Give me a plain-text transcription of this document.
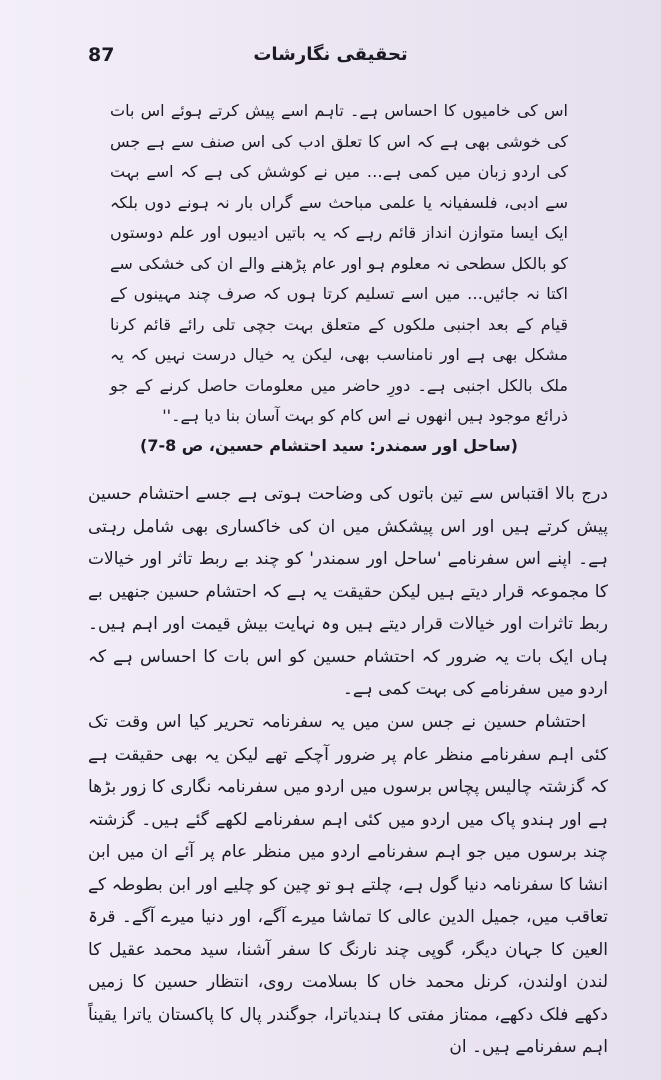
87	تحقیقی نگارشات

اس کی خامیوں کا احساس ہے۔ تاہم اسے پیش کرتے ہوئے اس بات کی خوشی بھی ہے کہ اس کا تعلق ادب کی اس صنف سے ہے جس کی اردو زبان میں کمی ہے… میں نے کوشش کی ہے کہ اسے بہت سے ادبی، فلسفیانہ یا علمی مباحث سے گراں بار نہ ہونے دوں بلکہ ایک ایسا متوازن انداز قائم رہے کہ یہ باتیں ادیبوں اور علم دوستوں کو بالکل سطحی نہ معلوم ہو اور عام پڑھنے والے ان کی خشکی سے اکتا نہ جائیں… میں اسے تسلیم کرتا ہوں کہ صرف چند مہینوں کے قیام کے بعد اجنبی ملکوں کے متعلق بہت جچی تلی رائے قائم کرنا مشکل بھی ہے اور نامناسب بھی، لیکن یہ خیال درست نہیں کہ یہ ملک بالکل اجنبی ہے۔ دورِ حاضر میں معلومات حاصل کرنے کے جو ذرائع موجود ہیں انھوں نے اس کام کو بہت آسان بنا دیا ہے۔''

(ساحل اور سمندر: سید احتشام حسین، ص 8-7)

درج بالا اقتباس سے تین باتوں کی وضاحت ہوتی ہے جسے احتشام حسین پیش کرتے ہیں اور اس پیشکش میں ان کی خاکساری بھی شامل رہتی ہے۔ اپنے اس سفرنامے 'ساحل اور سمندر' کو چند بے ربط تاثر اور خیالات کا مجموعہ قرار دیتے ہیں لیکن حقیقت یہ ہے کہ احتشام حسین جنھیں بے ربط تاثرات اور خیالات قرار دیتے ہیں وہ نہایت بیش قیمت اور اہم ہیں۔ ہاں ایک بات یہ ضرور کہ احتشام حسین کو اس بات کا احساس ہے کہ اردو میں سفرنامے کی بہت کمی ہے۔

احتشام حسین نے جس سن میں یہ سفرنامہ تحریر کیا اس وقت تک کئی اہم سفرنامے منظر عام پر ضرور آچکے تھے لیکن یہ بھی حقیقت ہے کہ گزشتہ چالیس پچاس برسوں میں اردو میں سفرنامہ نگاری کا زور بڑھا ہے اور ہندو پاک میں اردو میں کئی اہم سفرنامے لکھے گئے ہیں۔ گزشتہ چند برسوں میں جو اہم سفرنامے اردو میں منظر عام پر آئے ان میں ابن انشا کا سفرنامہ دنیا گول ہے، چلتے ہو تو چین کو چلیے اور ابن بطوطہ کے تعاقب میں، جمیل الدین عالی کا تماشا میرے آگے، اور دنیا میرے آگے۔ قرۃ العین کا جہان دیگر، گوپی چند نارنگ کا سفر آشنا، سید محمد عقیل کا لندن اولندن، کرنل محمد خاں کا بسلامت روی، انتظار حسین کا زمیں دکھے فلک دکھے، ممتاز مفتی کا ہندیاترا، جوگندر پال کا پاکستان یاترا یقیناً اہم سفرنامے ہیں۔ ان
